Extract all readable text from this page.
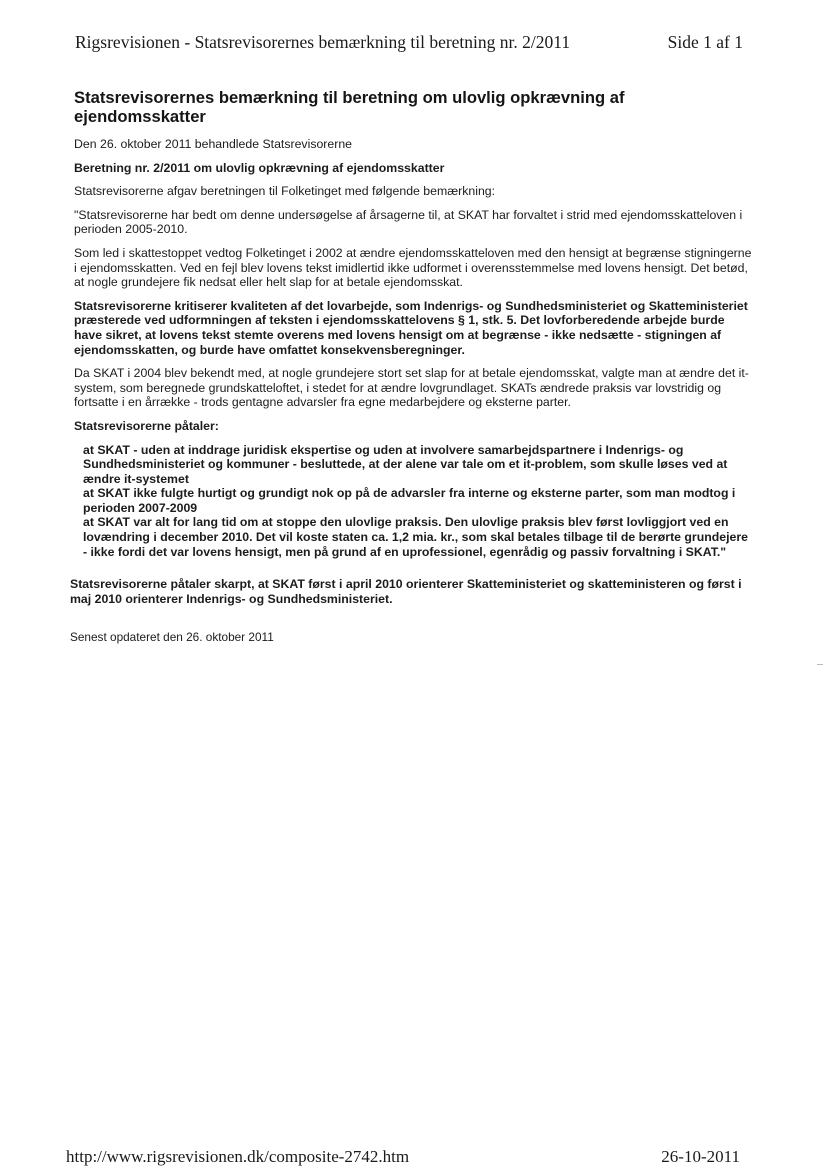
Rigsrevisionen - Statsrevisorernes bemærkning til beretning nr. 2/2011	Side 1 af 1
Statsrevisorernes bemærkning til beretning om ulovlig opkrævning af ejendomsskatter

Den 26. oktober 2011 behandlede Statsrevisorerne

Beretning nr. 2/2011 om ulovlig opkrævning af ejendomsskatter

Statsrevisorerne afgav beretningen til Folketinget med følgende bemærkning:

"Statsrevisorerne har bedt om denne undersøgelse af årsagerne til, at SKAT har forvaltet i strid med ejendomsskatteloven i perioden 2005-2010.

Som led i skattestoppet vedtog Folketinget i 2002 at ændre ejendomsskatteloven med den hensigt at begrænse stigningerne i ejendomsskatten. Ved en fejl blev lovens tekst imidlertid ikke udformet i overensstemmelse med lovens hensigt. Det betød, at nogle grundejere fik nedsat eller helt slap for at betale ejendomsskat.

Statsrevisorerne kritiserer kvaliteten af det lovarbejde, som Indenrigs- og Sundhedsministeriet og Skatteministeriet præsterede ved udformningen af teksten i ejendomsskattelovens § 1, stk. 5. Det lovforberedende arbejde burde have sikret, at lovens tekst stemte overens med lovens hensigt om at begrænse - ikke nedsætte - stigningen af ejendomsskatten, og burde have omfattet konsekvensberegninger.

Da SKAT i 2004 blev bekendt med, at nogle grundejere stort set slap for at betale ejendomsskat, valgte man at ændre det it-system, som beregnede grundskatteloftet, i stedet for at ændre lovgrundlaget. SKATs ændrede praksis var lovstridig og fortsatte i en årrække - trods gentagne advarsler fra egne medarbejdere og eksterne parter.

Statsrevisorerne påtaler:

at SKAT - uden at inddrage juridisk ekspertise og uden at involvere samarbejdspartnere i Indenrigs- og Sundhedsministeriet og kommuner - besluttede, at der alene var tale om et it-problem, som skulle løses ved at ændre it-systemet
at SKAT ikke fulgte hurtigt og grundigt nok op på de advarsler fra interne og eksterne parter, som man modtog i perioden 2007-2009
at SKAT var alt for lang tid om at stoppe den ulovlige praksis. Den ulovlige praksis blev først lovliggjort ved en lovændring i december 2010. Det vil koste staten ca. 1,2 mia. kr., som skal betales tilbage til de berørte grundejere - ikke fordi det var lovens hensigt, men på grund af en uprofessionel, egenrådig og passiv forvaltning i SKAT."

Statsrevisorerne påtaler skarpt, at SKAT først i april 2010 orienterer Skatteministeriet og skatteministeren og først i maj 2010 orienterer Indenrigs- og Sundhedsministeriet.

Senest opdateret den 26. oktober 2011
http://www.rigsrevisionen.dk/composite-2742.htm	26-10-2011
